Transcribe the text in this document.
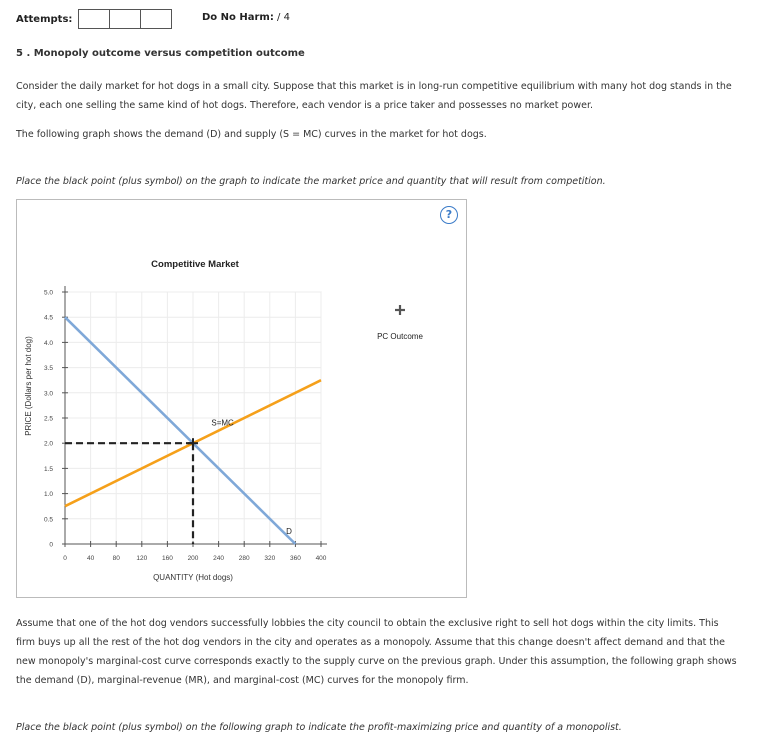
Attempts:	Do No Harm: / 4
5 . Monopoly outcome versus competition outcome
Consider the daily market for hot dogs in a small city. Suppose that this market is in long-run competitive equilibrium with many hot dog stands in the
city, each one selling the same kind of hot dogs. Therefore, each vendor is a price taker and possesses no market power.
The following graph shows the demand (D) and supply (S = MC) curves in the market for hot dogs.
Place the black point (plus symbol) on the graph to indicate the market price and quantity that will result from competition.
?
Competitive Market
0
0.5
1.0
1.5
2.0
2.5
3.0
3.5
4.0
4.5
5.0
0	40	80	120 160 200 240 280 320 360 400
S=MC
D
QUANTITY (Hot dogs)
PRICE (Dollars per hot dog)	PC Outcome
Assume that one of the hot dog vendors successfully lobbies the city council to obtain the exclusive right to sell hot dogs within the city limits. This
firm buys up all the rest of the hot dog vendors in the city and operates as a monopoly. Assume that this change doesn't affect demand and that the
new monopoly's marginal-cost curve corresponds exactly to the supply curve on the previous graph. Under this assumption, the following graph shows
the demand (D), marginal-revenue (MR), and marginal-cost (MC) curves for the monopoly firm.
Place the black point (plus symbol) on the following graph to indicate the profit-maximizing price and quantity of a monopolist.
